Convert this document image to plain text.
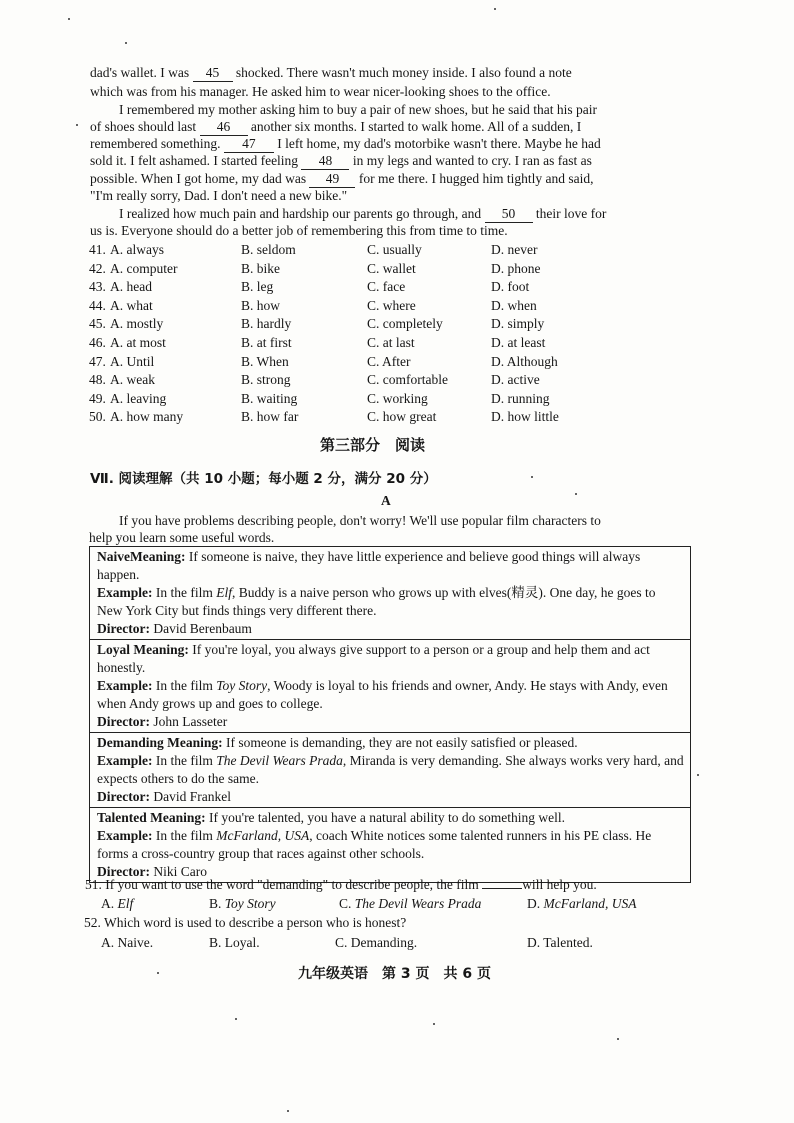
dad's wallet. I was 45 shocked. There wasn't much money inside. I also found a note
which was from his manager. He asked him to wear nicer-looking shoes to the office.
I remembered my mother asking him to buy a pair of new shoes, but he said that his pair
of shoes should last 46 another six months. I started to walk home. All of a sudden, I
remembered something. 47 I left home, my dad's motorbike wasn't there. Maybe he had
sold it. I felt ashamed. I started feeling 48 in my legs and wanted to cry. I ran as fast as
possible. When I got home, my dad was 49 for me there. I hugged him tightly and said,
"I'm really sorry, Dad. I don't need a new bike."
I realized how much pain and hardship our parents go through, and 50 their love for
us is. Everyone should do a better job of remembering this from time to time.
41. A. always	B. seldom	C. usually	D. never
42. A. computer	B. bike	C. wallet	D. phone
43. A. head	B. leg	C. face	D. foot
44. A. what	B. how	C. where	D. when
45. A. mostly	B. hardly	C. completely	D. simply
46. A. at most	B. at first	C. at last	D. at least
47. A. Until	B. When	C. After	D. Although
48. A. weak	B. strong	C. comfortable	D. active
49. A. leaving	B. waiting	C. working	D. running
50. A. how many	B. how far	C. how great	D. how little
第三部分　阅读
Ⅶ. 阅读理解（共 10 小题；每小题 2 分，满分 20 分）
A
If you have problems describing people, don't worry! We'll use popular film characters to
help you learn some useful words.
NaiveMeaning: If someone is naive, they have little experience and believe good things will always happen.
Example: In the film Elf, Buddy is a naive person who grows up with elves(精灵). One day, he goes to New York City but finds things very different there.
Director: David Berenbaum
Loyal Meaning: If you're loyal, you always give support to a person or a group and help them and act honestly.
Example: In the film Toy Story, Woody is loyal to his friends and owner, Andy. He stays with Andy, even when Andy grows up and goes to college.
Director: John Lasseter
Demanding Meaning: If someone is demanding, they are not easily satisfied or pleased.
Example: In the film The Devil Wears Prada, Miranda is very demanding. She always works very hard, and expects others to do the same.
Director: David Frankel
Talented Meaning: If you're talented, you have a natural ability to do something well.
Example: In the film McFarland, USA, coach White notices some talented runners in his PE class. He forms a cross-country group that races against other schools.
Director: Niki Caro
51. If you want to use the word "demanding" to describe people, the film	will help you.
A. Elf	B. Toy Story	C. The Devil Wears Prada	D. McFarland, USA
52. Which word is used to describe a person who is honest?
A. Naive.	B. Loyal.	C. Demanding.	D. Talented.
九年级英语　第 3 页　共 6 页
